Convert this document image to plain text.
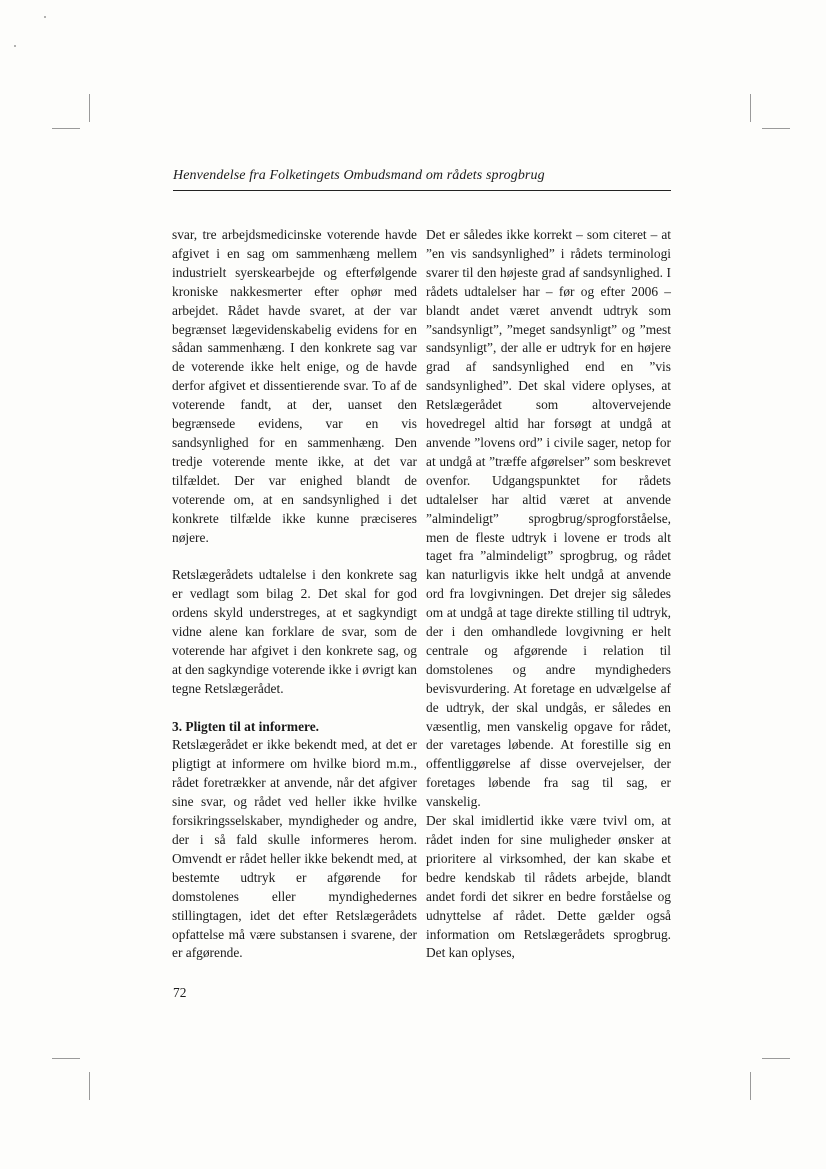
Henvendelse fra Folketingets Ombudsmand om rådets sprogbrug

svar, tre arbejdsmedicinske voterende havde afgivet i en sag om sammenhæng mellem industrielt syerskearbejde og efterfølgende kroniske nakkesmerter efter ophør med arbejdet. Rådet havde svaret, at der var begrænset lægevidenskabelig evidens for en sådan sammenhæng. I den konkrete sag var de voterende ikke helt enige, og de havde derfor afgivet et dissentierende svar. To af de voterende fandt, at der, uanset den begrænsede evidens, var en vis sandsynlighed for en sammenhæng. Den tredje voterende mente ikke, at det var tilfældet. Der var enighed blandt de voterende om, at en sandsynlighed i det konkrete tilfælde ikke kunne præciseres nøjere.

Retslægerådets udtalelse i den konkrete sag er vedlagt som bilag 2. Det skal for god ordens skyld understreges, at et sagkyndigt vidne alene kan forklare de svar, som de voterende har afgivet i den konkrete sag, og at den sagkyndige voterende ikke i øvrigt kan tegne Retslægerådet.

3. Pligten til at informere.

Retslægerådet er ikke bekendt med, at det er pligtigt at informere om hvilke biord m.m., rådet foretrækker at anvende, når det afgiver sine svar, og rådet ved heller ikke hvilke forsikringsselskaber, myndigheder og andre, der i så fald skulle informeres herom. Omvendt er rådet heller ikke bekendt med, at bestemte udtryk er afgørende for domstolenes eller myndighedernes stillingtagen, idet det efter Retslægerådets opfattelse må være substansen i svarene, der er afgørende.

Det er således ikke korrekt – som citeret – at ”en vis sandsynlighed” i rådets terminologi svarer til den højeste grad af sandsynlighed. I rådets udtalelser har – før og efter 2006 – blandt andet været anvendt udtryk som ”sandsynligt”, ”meget sandsynligt” og ”mest sandsynligt”, der alle er udtryk for en højere grad af sandsynlighed end en ”vis sandsynlighed”. Det skal videre oplyses, at Retslægerådet som altovervejende hovedregel altid har forsøgt at undgå at anvende ”lovens ord” i civile sager, netop for at undgå at ”træffe afgørelser” som beskrevet ovenfor. Udgangspunktet for rådets udtalelser har altid været at anvende ”almindeligt” sprogbrug/sprogforståelse, men de fleste udtryk i lovene er trods alt taget fra ”almindeligt” sprogbrug, og rådet kan naturligvis ikke helt undgå at anvende ord fra lovgivningen. Det drejer sig således om at undgå at tage direkte stilling til udtryk, der i den omhandlede lovgivning er helt centrale og afgørende i relation til domstolenes og andre myndigheders bevisvurdering. At foretage en udvælgelse af de udtryk, der skal undgås, er således en væsentlig, men vanskelig opgave for rådet, der varetages løbende. At forestille sig en offentliggørelse af disse overvejelser, der foretages løbende fra sag til sag, er vanskelig.

Der skal imidlertid ikke være tvivl om, at rådet inden for sine muligheder ønsker at prioritere al virksomhed, der kan skabe et bedre kendskab til rådets arbejde, blandt andet fordi det sikrer en bedre forståelse og udnyttelse af rådet. Dette gælder også information om Retslægerådets sprogbrug. Det kan oplyses,

72
